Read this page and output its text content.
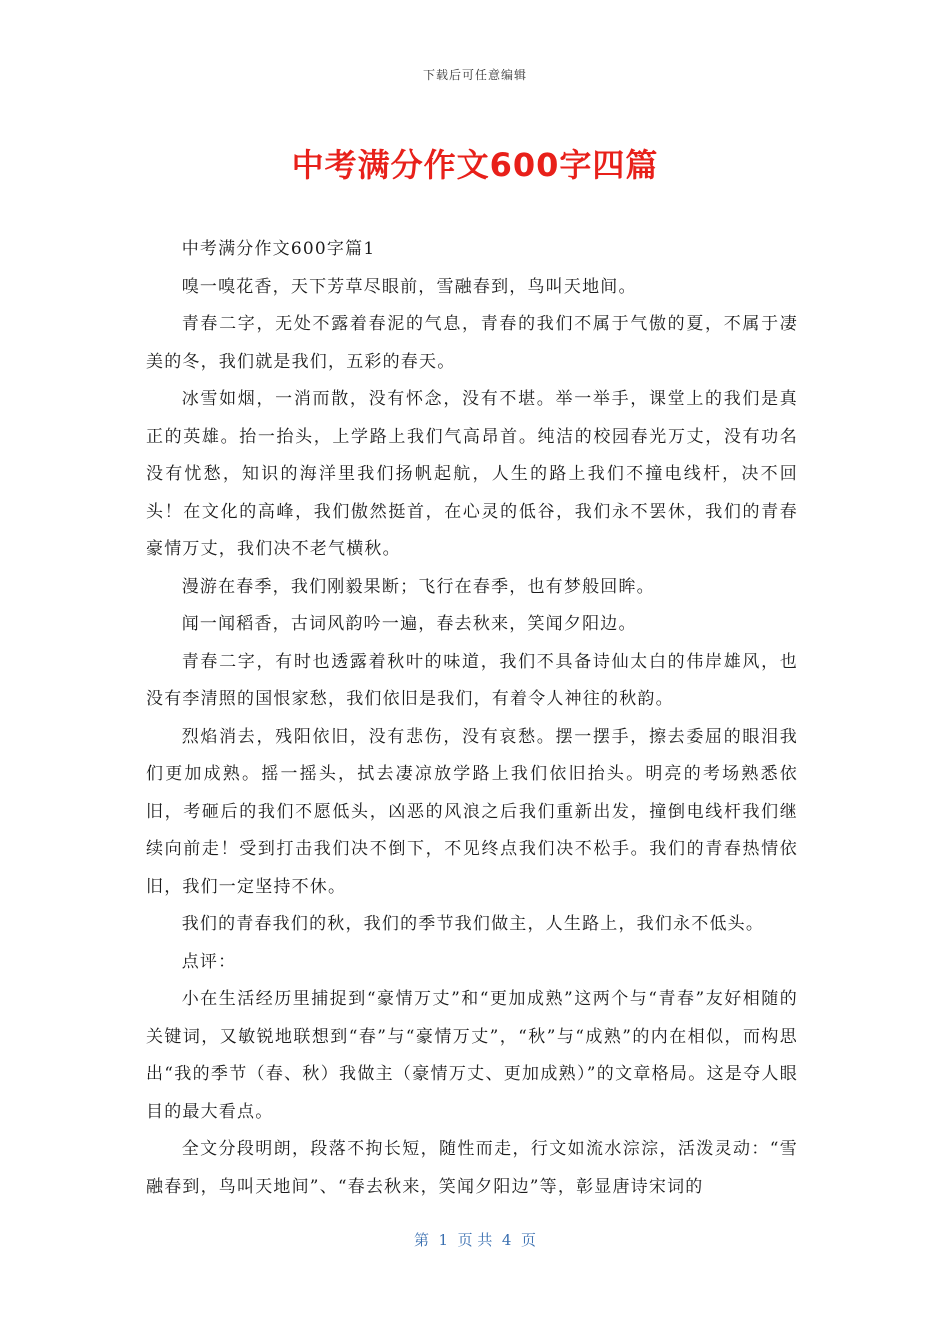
下载后可任意编辑
中考满分作文600字四篇

中考满分作文600字篇1

嗅一嗅花香，天下芳草尽眼前，雪融春到，鸟叫天地间。

青春二字，无处不露着春泥的气息，青春的我们不属于气傲的夏，不属于凄美的冬，我们就是我们，五彩的春天。

冰雪如烟，一消而散，没有怀念，没有不堪。举一举手，课堂上的我们是真正的英雄。抬一抬头，上学路上我们气高昂首。纯洁的校园春光万丈，没有功名没有忧愁，知识的海洋里我们扬帆起航，人生的路上我们不撞电线杆，决不回头！在文化的高峰，我们傲然挺首，在心灵的低谷，我们永不罢休，我们的青春豪情万丈，我们决不老气横秋。

漫游在春季，我们刚毅果断；飞行在春季，也有梦般回眸。

闻一闻稻香，古词风韵吟一遍，春去秋来，笑闻夕阳边。

青春二字，有时也透露着秋叶的味道，我们不具备诗仙太白的伟岸雄风，也没有李清照的国恨家愁，我们依旧是我们，有着令人神往的秋韵。

烈焰消去，残阳依旧，没有悲伤，没有哀愁。摆一摆手，擦去委屈的眼泪我们更加成熟。摇一摇头，拭去凄凉放学路上我们依旧抬头。明亮的考场熟悉依旧，考砸后的我们不愿低头，凶恶的风浪之后我们重新出发，撞倒电线杆我们继续向前走！受到打击我们决不倒下，不见终点我们决不松手。我们的青春热情依旧，我们一定坚持不休。

我们的青春我们的秋，我们的季节我们做主，人生路上，我们永不低头。

点评：

小在生活经历里捕捉到“豪情万丈”和“更加成熟”这两个与“青春”友好相随的关键词，又敏锐地联想到“春”与“豪情万丈”，“秋”与“成熟”的内在相似，而构思出“我的季节（春、秋）我做主（豪情万丈、更加成熟）”的文章格局。这是夺人眼目的最大看点。

全文分段明朗，段落不拘长短，随性而走，行文如流水淙淙，活泼灵动：“雪融春到，鸟叫天地间”、“春去秋来，笑闻夕阳边”等，彰显唐诗宋词的

第  1  页 共  4  页
